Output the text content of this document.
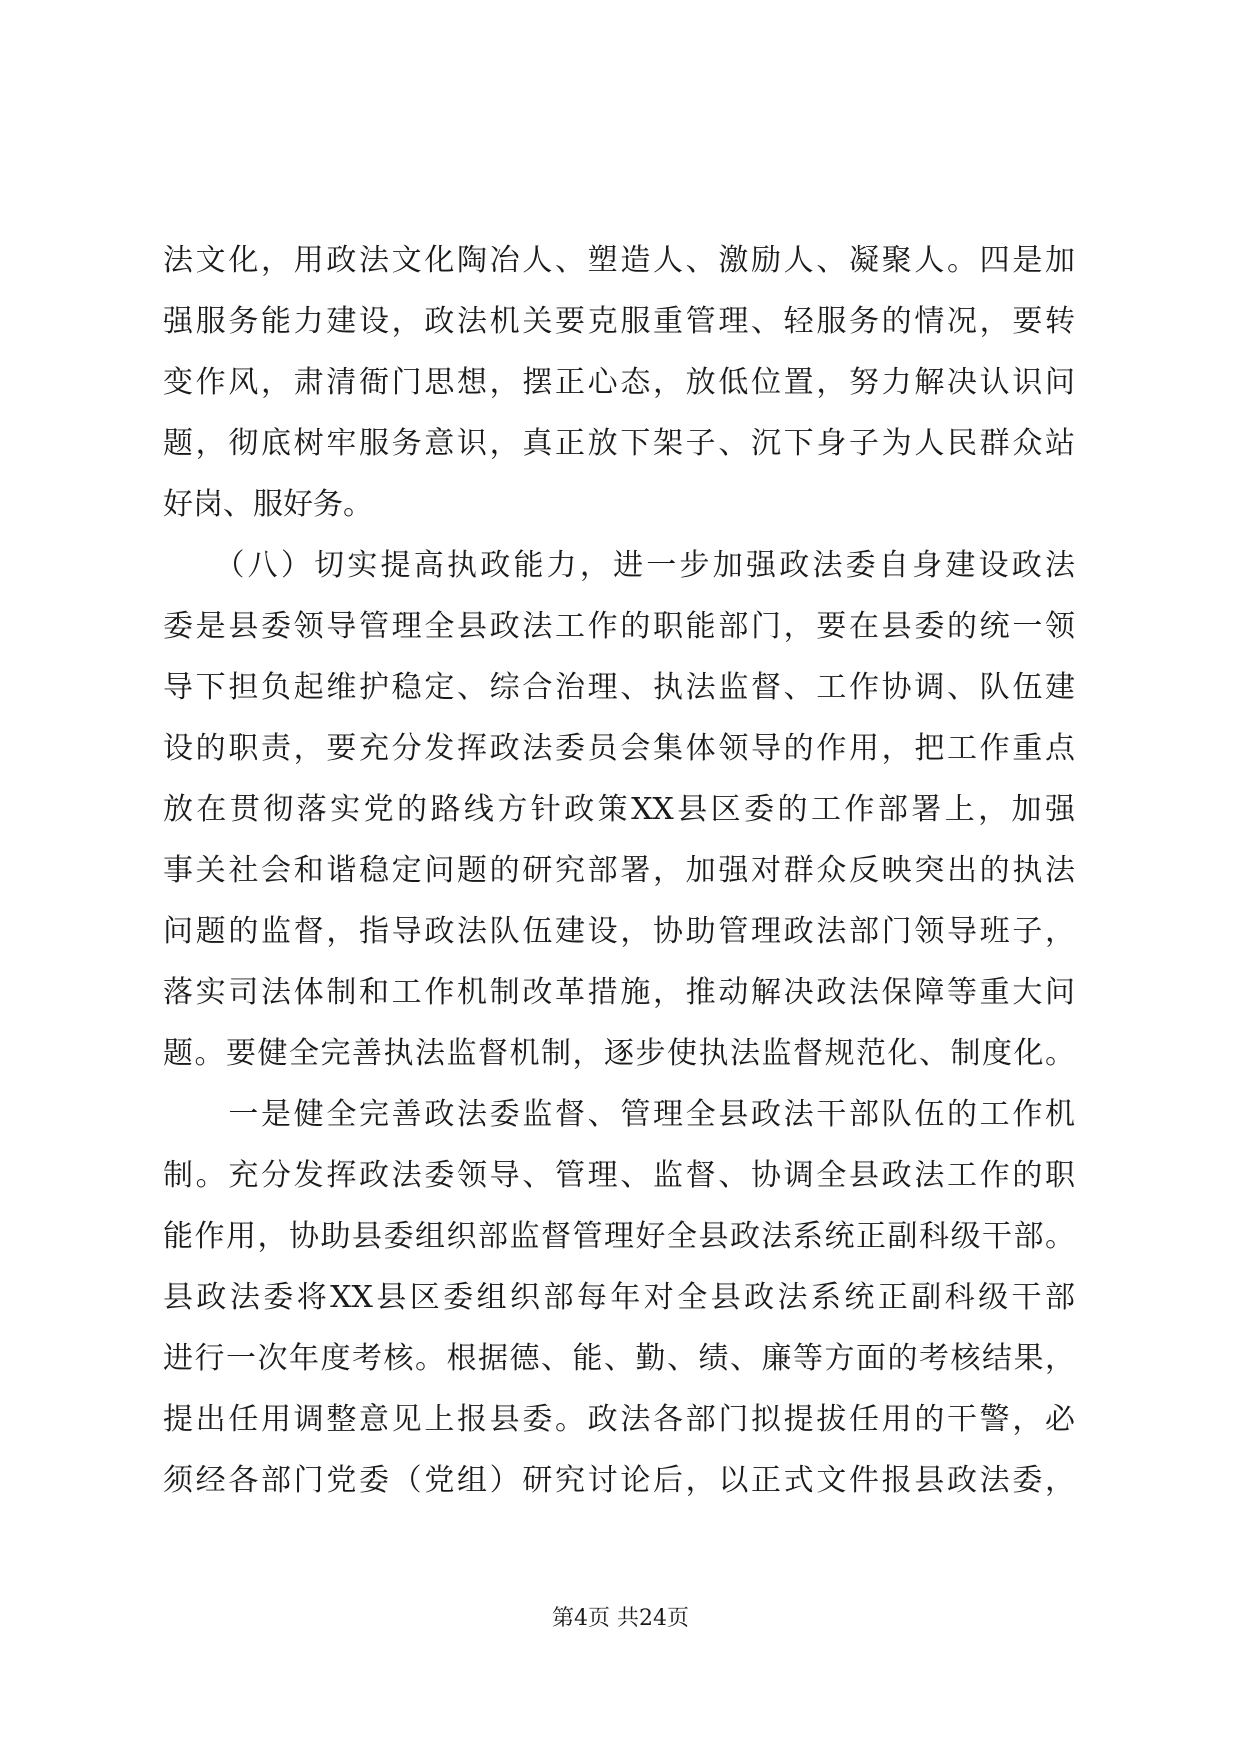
法文化，用政法文化陶冶人、塑造人、激励人、凝聚人。四是加
强服务能力建设，政法机关要克服重管理、轻服务的情况，要转
变作风，肃清衙门思想，摆正心态，放低位置，努力解决认识问
题，彻底树牢服务意识，真正放下架子、沉下身子为人民群众站
好岗、服好务。
　　（八）切实提高执政能力，进一步加强政法委自身建设政法
委是县委领导管理全县政法工作的职能部门，要在县委的统一领
导下担负起维护稳定、综合治理、执法监督、工作协调、队伍建
设的职责，要充分发挥政法委员会集体领导的作用，把工作重点
放在贯彻落实党的路线方针政策XX县区委的工作部署上，加强
事关社会和谐稳定问题的研究部署，加强对群众反映突出的执法
问题的监督，指导政法队伍建设，协助管理政法部门领导班子，
落实司法体制和工作机制改革措施，推动解决政法保障等重大问
题。要健全完善执法监督机制，逐步使执法监督规范化、制度化。
　　一是健全完善政法委监督、管理全县政法干部队伍的工作机
制。充分发挥政法委领导、管理、监督、协调全县政法工作的职
能作用，协助县委组织部监督管理好全县政法系统正副科级干部。
县政法委将XX县区委组织部每年对全县政法系统正副科级干部
进行一次年度考核。根据德、能、勤、绩、廉等方面的考核结果，
提出任用调整意见上报县委。政法各部门拟提拔任用的干警，必
须经各部门党委（党组）研究讨论后，以正式文件报县政法委，
第4页 共24页
